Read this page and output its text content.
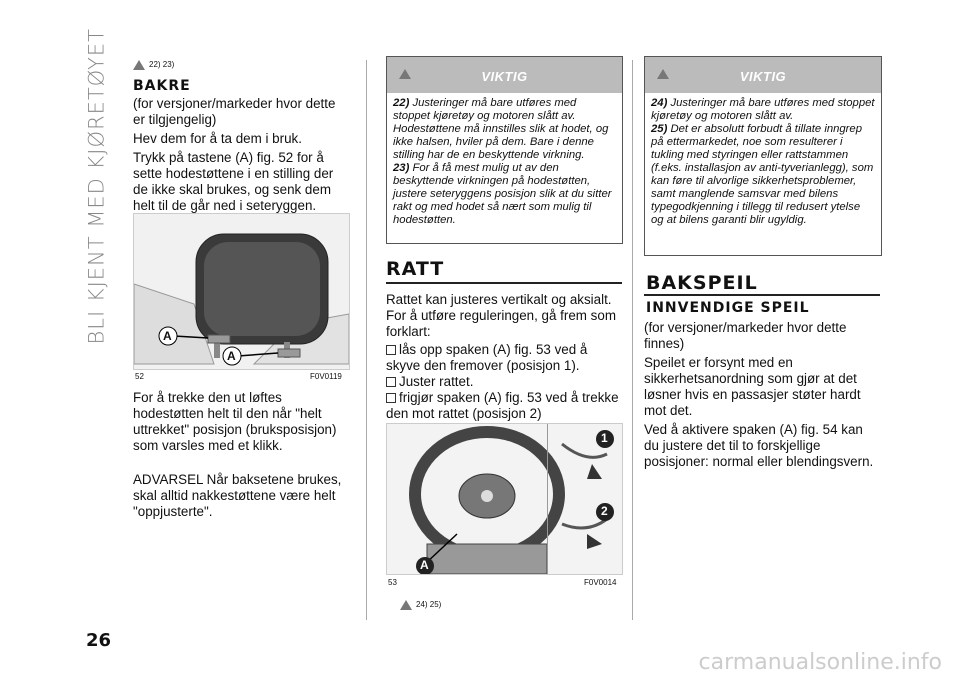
BLI KJENT MED KJØRETØYET	22) 23)
BAKRE

(for versjoner/markeder hvor dette er tilgjengelig)

Hev dem for å ta dem i bruk.

Trykk på tastene (A) fig. 52 for å sette hodestøttene i en stilling der de ikke skal brukes, og senk dem helt til de går ned i seteryggen.

A
A
52	F0V0119

For å trekke den ut løftes hodestøtten helt til den når "helt uttrekket" posisjon (bruksposisjon) som varsles med et klikk.

ADVARSEL Når baksetene brukes, skal alltid nakkestøttene være helt "oppjusterte".

VIKTIG
22) Justeringer må bare utføres med stoppet kjøretøy og motoren slått av. Hodestøttene må innstilles slik at hodet, og ikke halsen, hviler på dem. Bare i denne stilling har de en beskyttende virkning.
23) For å få mest mulig ut av den beskyttende virkningen på hodestøtten, justere seteryggens posisjon slik at du sitter rakt og med hodet så nært som mulig til hodestøtten.
RATT

Rattet kan justeres vertikalt og aksialt. For å utføre reguleringen, gå frem som forklart:

lås opp spaken (A) fig. 53 ved å skyve den fremover (posisjon 1).

Juster rattet.

frigjør spaken (A) fig. 53 ved å trekke den mot rattet (posisjon 2)

1
2
A
53	F0V0014
24) 25)
VIKTIG
24) Justeringer må bare utføres med stoppet kjøretøy og motoren slått av.
25) Det er absolutt forbudt å tillate inngrep på ettermarkedet, noe som resulterer i tukling med styringen eller rattstammen (f.eks. installasjon av anti-tyverianlegg), som kan føre til alvorlige sikkerhetsproblemer, samt manglende samsvar med bilens typegodkjenning i tillegg til redusert ytelse og at bilens garanti blir ugyldig.
BAKSPEIL
INNVENDIGE SPEIL

(for versjoner/markeder hvor dette finnes)

Speilet er forsynt med en sikkerhetsanordning som gjør at det løsner hvis en passasjer støter hardt mot det.

Ved å aktivere spaken (A) fig. 54 kan du justere det til to forskjellige posisjoner: normal eller blendingsvern.

26
carmanualsonline.info
